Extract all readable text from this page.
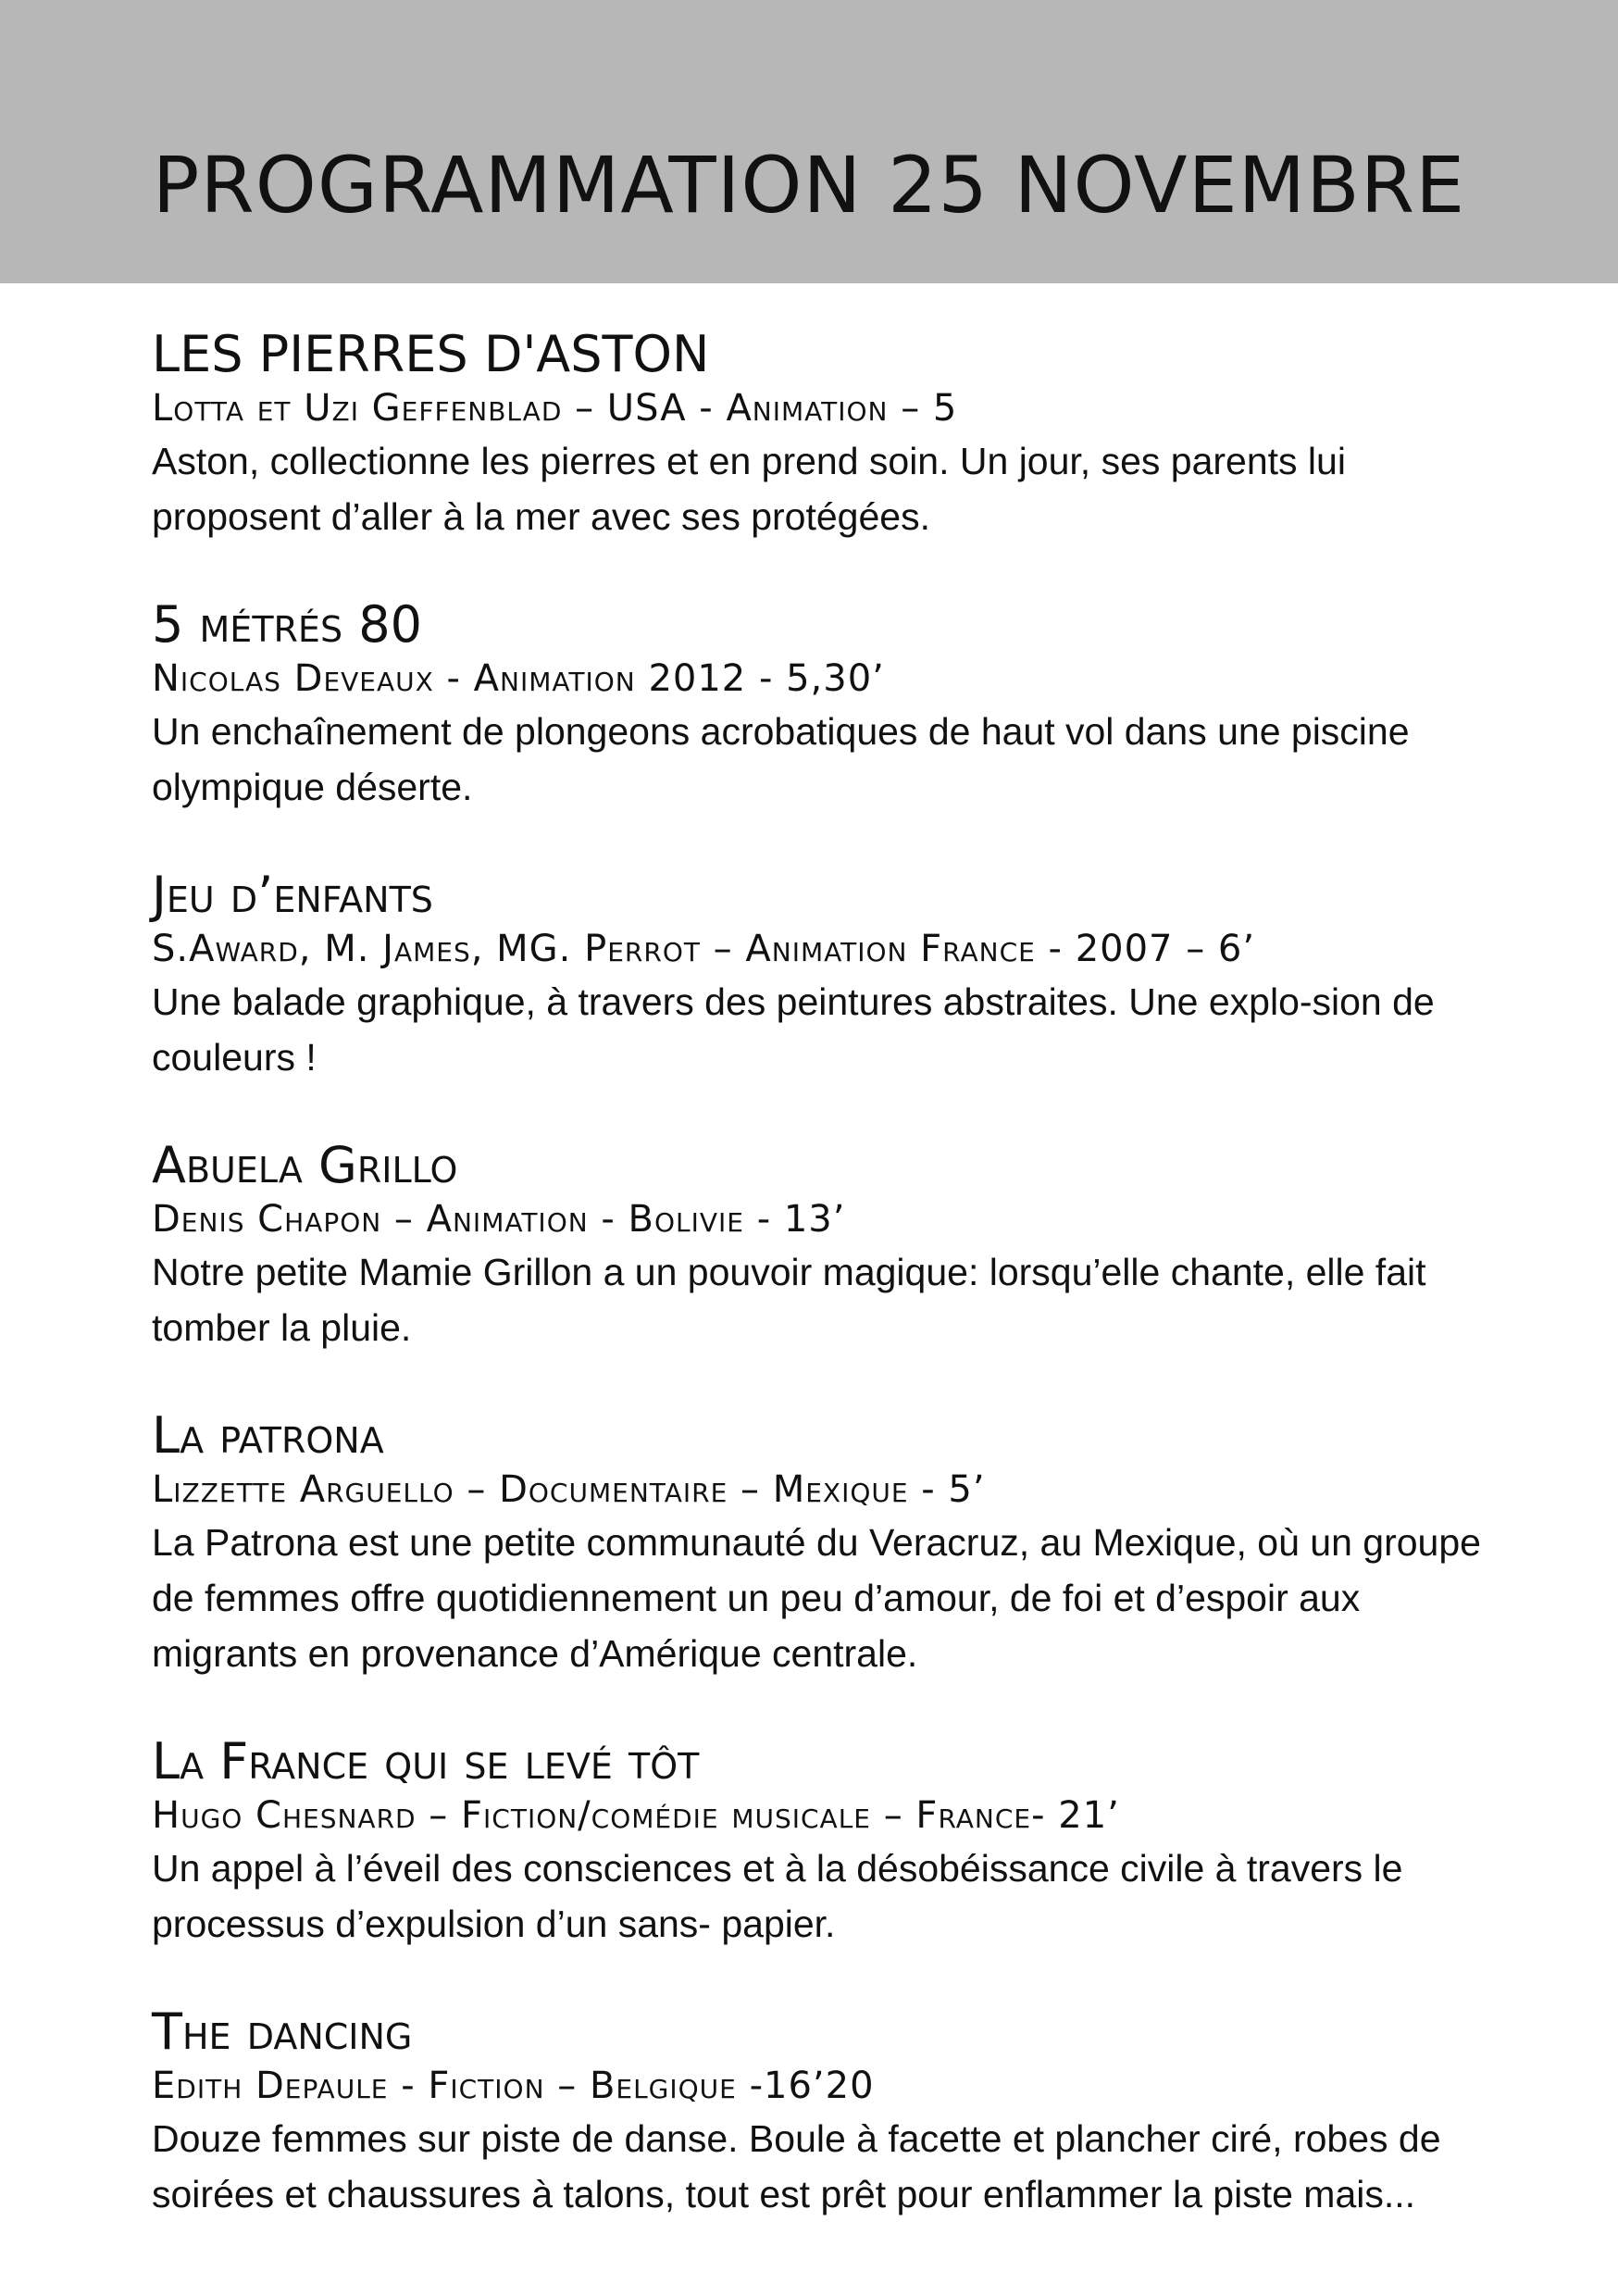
PROGRAMMATION 25 NOVEMBRE
LES PIERRES D'ASTON
Lotta et Uzi Geffenblad – USA - Animation – 5
Aston, collectionne les pierres et en prend soin. Un jour, ses parents lui proposent d’aller à la mer avec ses protégées.
5 métrés 80
Nicolas Deveaux - Animation 2012 - 5,30’
Un enchaînement de plongeons acrobatiques de haut vol dans une piscine olympique déserte.
Jeu d’enfants
S.Award, M. James, MG. Perrot – Animation France - 2007 – 6’
Une balade graphique, à travers des peintures abstraites. Une explo-sion de couleurs !
Abuela Grillo
Denis Chapon – Animation - Bolivie - 13’
Notre petite Mamie Grillon a un pouvoir magique: lorsqu’elle chante, elle fait tomber la pluie.
La patrona
Lizzette Arguello – Documentaire – Mexique - 5’
La Patrona est une petite communauté du Veracruz, au Mexique, où un groupe de femmes offre quotidiennement un peu d’amour, de foi et d’espoir aux migrants en provenance d’Amérique centrale.
La France qui se levé tôt
Hugo Chesnard – Fiction/comédie musicale – France- 21’
Un appel à l’éveil des consciences et à la désobéissance civile à travers le processus d’expulsion d’un sans- papier.
The dancing
Edith Depaule - Fiction – Belgique -16’20
Douze femmes sur piste de danse. Boule à facette et plancher ciré, robes de soirées et chaussures à talons, tout est prêt pour enflammer la piste mais...
